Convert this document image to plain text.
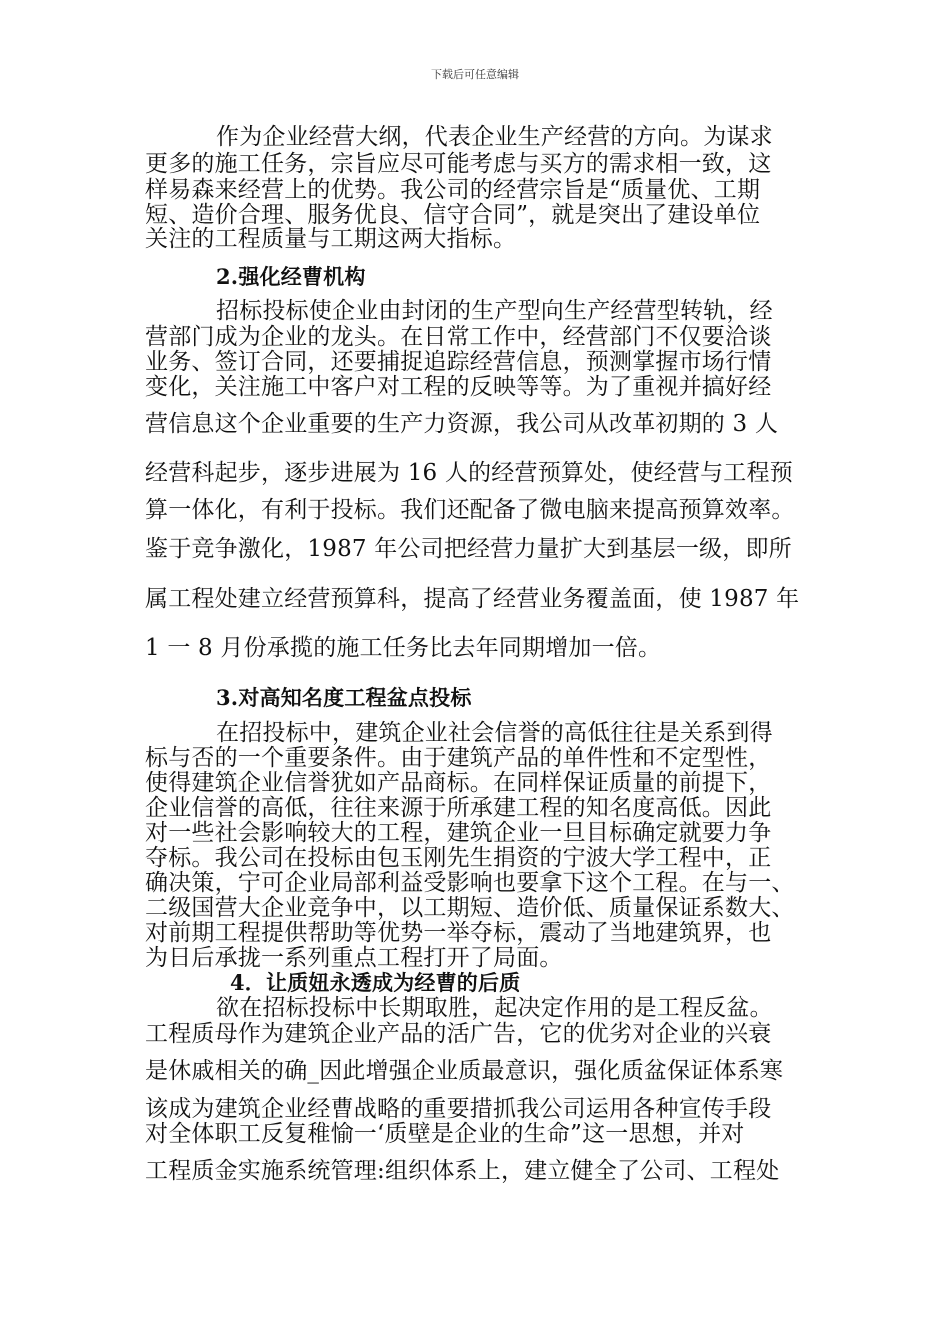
下载后可任意编辑
作为企业经营大纲，代表企业生产经营的方向。为谋求
更多的施工任务，宗旨应尽可能考虑与买方的需求相一致，这
样易森来经营上的优势。我公司的经营宗旨是“质量优、工期
短、造价合理、服务优良、信守合同”，就是突出了建设单位
关注的工程质量与工期这两大指标。
2.强化经曹机构
招标投标使企业由封闭的生产型向生产经营型转轨，经
营部门成为企业的龙头。在日常工作中，经营部门不仅要洽谈
业务、签订合同，还要捕捉追踪经营信息，预测掌握市场行情
变化，关注施工中客户对工程的反映等等。为了重视并搞好经
营信息这个企业重要的生产力资源，我公司从改革初期的 3 人
经营科起步，逐步进展为 16 人的经营预算处，使经营与工程预
算一体化，有利于投标。我们还配备了微电脑来提高预算效率。
鉴于竞争激化，1987 年公司把经营力量扩大到基层一级，即所
属工程处建立经营预算科，提高了经营业务覆盖面，使 1987 年
1 一 8 月份承揽的施工任务比去年同期增加一倍。
3.对高知名度工程盆点投标
在招投标中，建筑企业社会信誉的高低往往是关系到得
标与否的一个重要条件。由于建筑产品的单件性和不定型性，
使得建筑企业信誉犹如产品商标。在同样保证质量的前提下，
企业信誉的高低，往往来源于所承建工程的知名度高低。因此
对一些社会影响较大的工程，建筑企业一旦目标确定就要力争
夺标。我公司在投标由包玉刚先生捐资的宁波大学工程中，正
确决策，宁可企业局部利益受影响也要拿下这个工程。在与一、
二级国营大企业竞争中，以工期短、造价低、质量保证系数大、
对前期工程提供帮助等优势一举夺标，震动了当地建筑界，也
为日后承拢一系列重点工程打开了局面。
4．让质妞永透成为经曹的后质
欲在招标投标中长期取胜，起决定作用的是工程反盆。
工程质母作为建筑企业产品的活广告，它的优劣对企业的兴衰
是休戚相关的确_因此增强企业质最意识，强化质盆保证体系寒
该成为建筑企业经曹战略的重要措抓我公司运用各种宣传手段
对全体职工反复稚愉一‘质壁是企业的生命”这一思想，并对
工程质金实施系统管理:组织体系上，建立健全了公司、工程处
